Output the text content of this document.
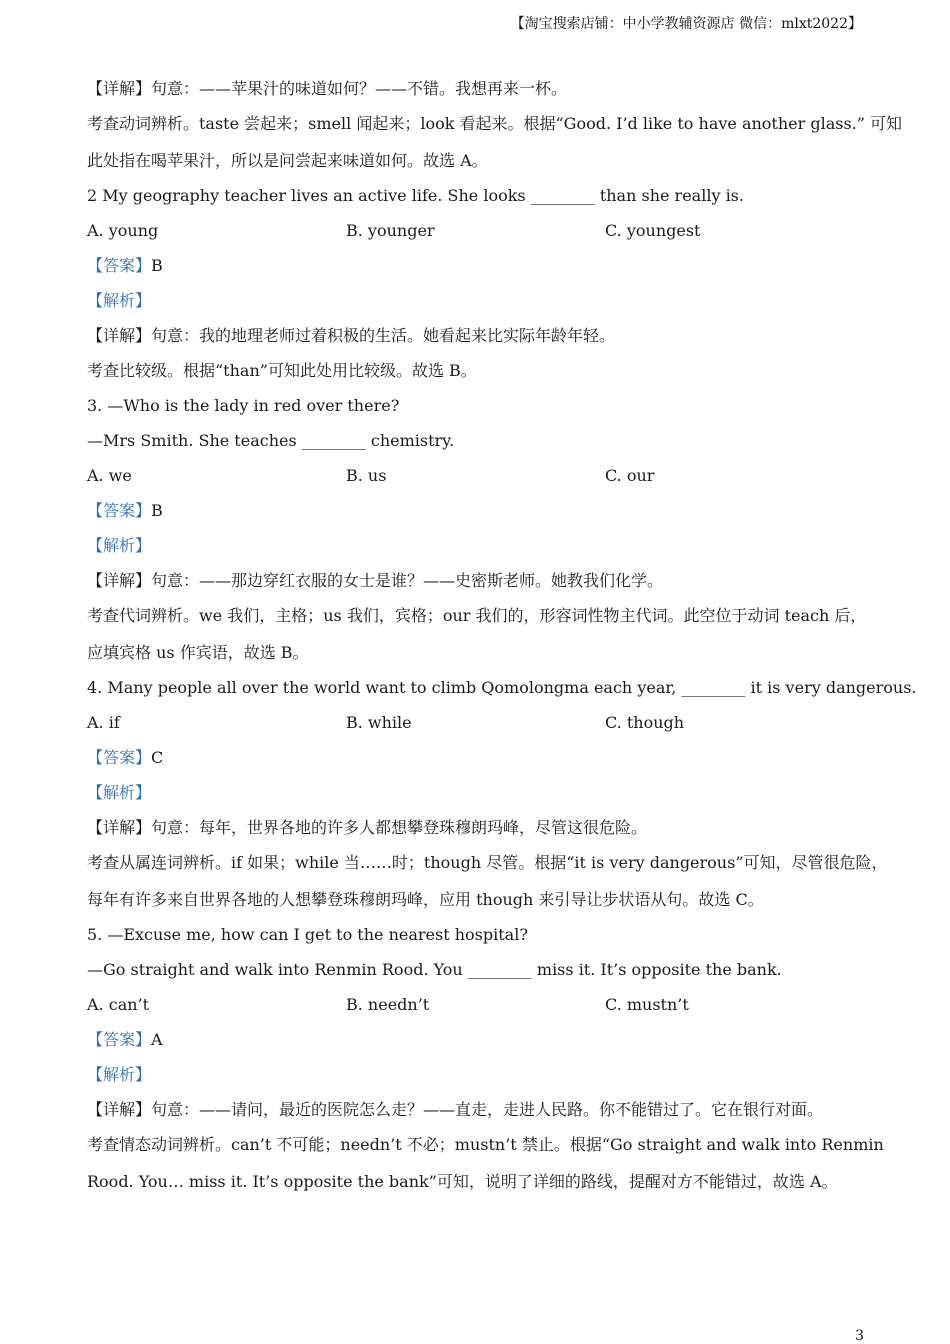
【淘宝搜索店铺：中小学教辅资源店 微信：mlxt2022】

【详解】句意：——苹果汁的味道如何？——不错。我想再来一杯。

考查动词辨析。taste 尝起来；smell 闻起来；look 看起来。根据“Good. I’d like to have another glass.” 可知

此处指在喝苹果汁，所以是问尝起来味道如何。故选 A。

2 My geography teacher lives an active life. She looks ________ than she really is.

A. young	B. younger	C. youngest

【答案】B

【解析】

【详解】句意：我的地理老师过着积极的生活。她看起来比实际年龄年轻。

考查比较级。根据“than”可知此处用比较级。故选 B。

3. —Who is the lady in red over there?

—Mrs Smith. She teaches ________ chemistry.

A. we	B. us	C. our

【答案】B

【解析】

【详解】句意：——那边穿红衣服的女士是谁？——史密斯老师。她教我们化学。

考查代词辨析。we 我们，主格；us 我们，宾格；our 我们的，形容词性物主代词。此空位于动词 teach 后，

应填宾格 us 作宾语，故选 B。

4. Many people all over the world want to climb Qomolongma each year, ________ it is very dangerous.

A. if	B. while	C. though

【答案】C

【解析】

【详解】句意：每年，世界各地的许多人都想攀登珠穆朗玛峰，尽管这很危险。

考查从属连词辨析。if 如果；while 当……时；though 尽管。根据“it is very dangerous”可知，尽管很危险，

每年有许多来自世界各地的人想攀登珠穆朗玛峰，应用 though 来引导让步状语从句。故选 C。

5. —Excuse me, how can I get to the nearest hospital?

—Go straight and walk into Renmin Rood. You ________ miss it. It’s opposite the bank.

A. can’t	B. needn’t	C. mustn’t

【答案】A

【解析】

【详解】句意：——请问，最近的医院怎么走？——直走，走进人民路。你不能错过了。它在银行对面。

考查情态动词辨析。can’t 不可能；needn’t 不必；mustn’t 禁止。根据“Go straight and walk into Renmin

Rood. You… miss it. It’s opposite the bank”可知，说明了详细的路线，提醒对方不能错过，故选 A。

3
